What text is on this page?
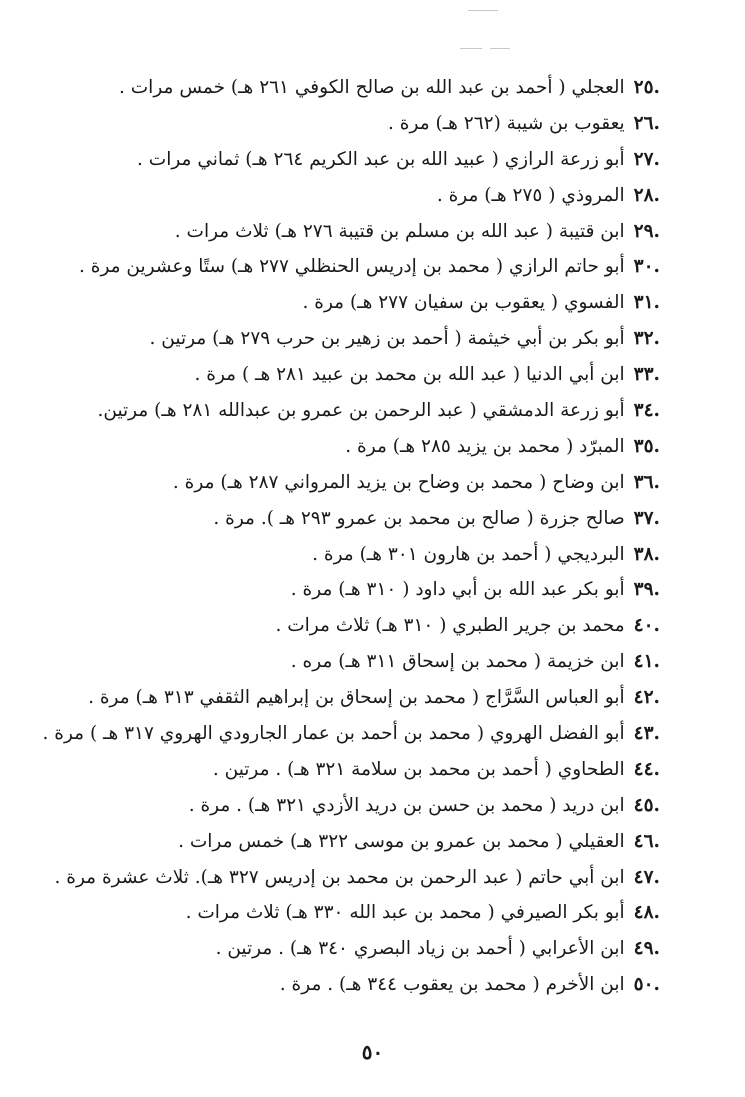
٢٥.العجلي ( أحمد بن عبد الله بن صالح الكوفي ٢٦١ هـ) خمس مرات .
٢٦.يعقوب بن شيبة (٢٦٢ هـ) مرة .
٢٧.أبو زرعة الرازي ( عبيد الله بن عبد الكريم ٢٦٤ هـ) ثماني مرات .
٢٨.المروذي ( ٢٧٥ هـ) مرة .
٢٩.ابن قتيبة ( عبد الله بن مسلم بن قتيبة ٢٧٦ هـ) ثلاث مرات .
٣٠.أبو حاتم الرازي ( محمد بن إدريس الحنظلي ٢٧٧ هـ) ستًا وعشرين مرة .
٣١.الفسوي ( يعقوب بن سفيان ٢٧٧ هـ) مرة .
٣٢.أبو بكر بن أبي خيثمة ( أحمد بن زهير بن حرب ٢٧٩ هـ) مرتين .
٣٣.ابن أبي الدنيا ( عبد الله بن محمد بن عبيد ٢٨١ هـ ) مرة .
٣٤.أبو زرعة الدمشقي ( عبد الرحمن بن عمرو بن عبدالله ٢٨١ هـ) مرتين.
٣٥.المبرّد ( محمد بن يزيد ٢٨٥ هـ) مرة .
٣٦.ابن وضاح ( محمد بن وضاح بن يزيد المرواني ٢٨٧ هـ) مرة .
٣٧.صالح جزرة ( صالح بن محمد بن عمرو ٢٩٣ هـ ). مرة .
٣٨.البرديجي ( أحمد بن هارون ٣٠١ هـ) مرة .
٣٩.أبو بكر عبد الله بن أبي داود ( ٣١٠ هـ) مرة .
٤٠.محمد بن جرير الطبري ( ٣١٠ هـ) ثلاث مرات .
٤١.ابن خزيمة ( محمد بن إسحاق ٣١١ هـ) مره .
٤٢.أبو العباس السَّرَّاج ( محمد بن إسحاق بن إبراهيم الثقفي ٣١٣ هـ) مرة .
٤٣.أبو الفضل الهروي ( محمد بن أحمد بن عمار الجارودي الهروي ٣١٧ هـ ) مرة .
٤٤.الطحاوي ( أحمد بن محمد بن سلامة ٣٢١ هـ) . مرتين .
٤٥.ابن دريد ( محمد بن حسن بن دريد الأزدي ٣٢١ هـ) . مرة .
٤٦.العقيلي ( محمد بن عمرو بن موسى ٣٢٢ هـ) خمس مرات .
٤٧.ابن أبي حاتم ( عبد الرحمن بن محمد بن إدريس ٣٢٧ هـ). ثلاث عشرة مرة .
٤٨.أبو بكر الصيرفي ( محمد بن عبد الله ٣٣٠ هـ) ثلاث مرات .
٤٩.ابن الأعرابي ( أحمد بن زياد البصري ٣٤٠ هـ) . مرتين .
٥٠.ابن الأخرم ( محمد بن يعقوب ٣٤٤ هـ) . مرة .
٥٠
